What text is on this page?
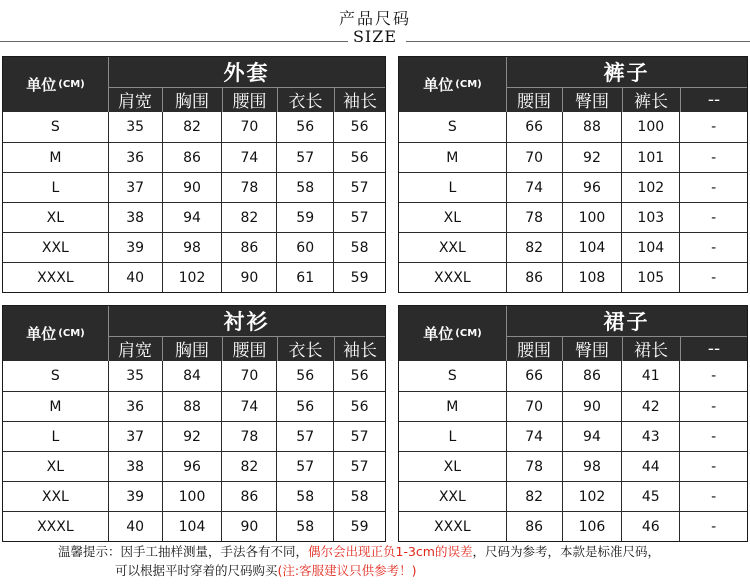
产品尺码
SIZE
单位 (CM)	外套
肩宽	胸围	腰围	衣长	袖长
S	35	82	70	56	56
M	36	86	74	57	56
L	37	90	78	58	57
XL	38	94	82	59	57
XXL	39	98	86	60	58
XXXL	40	102	90	61	59
单位 (CM)	裤子
腰围	臀围	裤长	--
S	66	88	100	-
M	70	92	101	-
L	74	96	102	-
XL	78	100	103	-
XXL	82	104	104	-
XXXL	86	108	105	-
单位 (CM)	衬衫
肩宽	胸围	腰围	衣长	袖长
S	35	84	70	56	56
M	36	88	74	56	56
L	37	92	78	57	57
XL	38	96	82	57	57
XXL	39	100	86	58	58
XXXL	40	104	90	58	59
单位 (CM)	裙子
腰围	臀围	裙长	--
S	66	86	41	-
M	70	90	42	-
L	74	94	43	-
XL	78	98	44	-
XXL	82	102	45	-
XXXL	86	106	46	-
温馨提示：因手工抽样测量，手法各有不同，偶尔会出现正负1-3cm的误差，尺码为参考，本款是标准尺码，
可以根据平时穿着的尺码购买(注:客服建议只供参考！)
